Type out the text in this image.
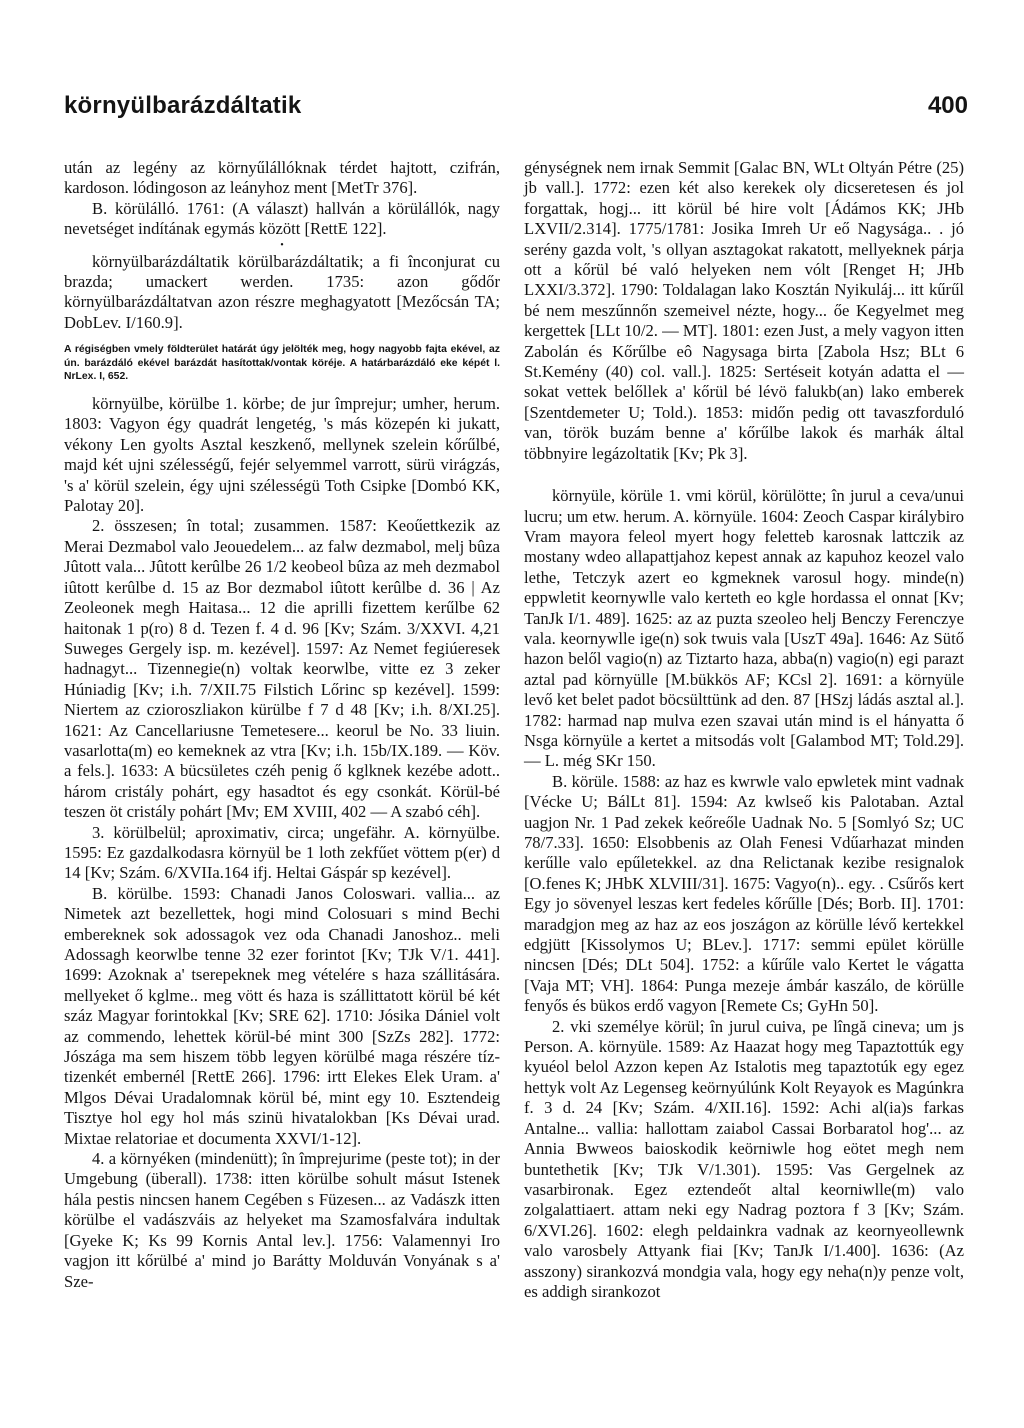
környülbarázdáltatik	400

után az legény az környűlállóknak térdet hajtott, czifrán, kardoson. lódingoson az leányhoz ment [MetTr 376].

B. körülálló. 1761: (A választ) hallván a körülállók, nagy nevetséget indítának egymás között [RettE 122].

•

környülbarázdáltatik körülbarázdáltatik; a fi înconjurat cu brazda; umackert werden. 1735: azon gődőr környülbarázdáltatvan azon részre meghagyatott [Mezőcsán TA; DobLev. I/160.9].

A régiségben vmely földterület határát úgy jelölték meg, hogy nagyobb fajta ekével, az ún. barázdáló ekével barázdát hasítottak/vontak köréje. A határbarázdáló eke képét l. NrLex. I, 652.

környülbe, körülbe 1. körbe; de jur împrejur; umher, herum. 1803: Vagyon égy quadrát lengetég, 's más közepén ki jukatt, vékony Len gyolts Asztal keszkenő, mellynek szelein kőrűlbé, majd két ujni szélességű, fejér selyemmel varrott, sürü virágzás, 's a' körül szelein, égy ujni szélességü Toth Csipke [Dombó KK, Palotay 20].

2. összesen; în total; zusammen. 1587: Keoűettkezik az Merai Dezmabol valo Jeouedelem... az falw dezmabol, melj bûza Jûtott vala... Jûtott kerûlbe 26 1/2 keobeol bûza az meh dezmabol iûtott kerûlbe d. 15 az Bor dezmabol iûtott kerûlbe d. 36 | Az Zeoleonek megh Haitasa... 12 die aprilli fizettem kerűlbe 62 haitonak 1 p(ro) 8 d. Tezen f. 4 d. 96 [Kv; Szám. 3/XXVI. 4,21 Suweges Gergely isp. m. kezével]. 1597: Az Nemet fegiúeresek hadnagyt... Tizennegie(n) voltak keorwlbe, vitte ez 3 zeker Húniadig [Kv; i.h. 7/XII.75 Filstich Lőrinc sp kezével]. 1599: Niertem az czioroszliakon kürülbe f 7 d 48 [Kv; i.h. 8/XI.25]. 1621: Az Cancellariusne Temetesere... keorul be No. 33 liuin. vasarlotta(m) eo kemeknek az vtra [Kv; i.h. 15b/IX.189. — Köv. a fels.]. 1633: A bücsületes czéh penig ő kglknek kezébe adott.. három cristály pohárt, egy hasadtot és egy csonkát. Körül-bé teszen öt cristály pohárt [Mv; EM XVIII, 402 — A szabó céh].

3. körülbelül; aproximativ, circa; ungefähr. A. környülbe. 1595: Ez gazdalkodasra környül be 1 loth zekfűet vöttem p(er) d 14 [Kv; Szám. 6/XVIIa.164 ifj. Heltai Gáspár sp kezével].

B. körülbe. 1593: Chanadi Janos Coloswari. vallia... az Nimetek azt bezellettek, hogi mind Colosuari s mind Bechi embereknek sok adossagok vez oda Chanadi Janoshoz.. meli Adossagh keorwlbe tenne 32 ezer forintot [Kv; TJk V/1. 441]. 1699: Azoknak a' tserepeknek meg vételére s haza szállitására. mellyeket ő kglme.. meg vött és haza is szállittatott körül bé két száz Magyar forintokkal [Kv; SRE 62]. 1710: Jósika Dániel volt az commendo, lehettek körül-bé mint 300 [SzZs 282]. 1772: Jószága ma sem hiszem több legyen körülbé maga részére tíz-tizenkét embernél [RettE 266]. 1796: irtt Elekes Elek Uram. a' Mlgos Dévai Uradalomnak körül bé, mint egy 10. Esztendeig Tisztye hol egy hol más szinü hivatalokban [Ks Dévai urad. Mixtae relatoriae et documenta XXVI/1-12].

4. a környéken (mindenütt); în împrejurime (peste tot); in der Umgebung (überall). 1738: itten körülbe sohult másut Istenek hála pestis nincsen hanem Cegében s Füzesen... az Vadászk itten körülbe el vadászváis az helyeket ma Szamosfalvára indultak [Gyeke K; Ks 99 Kornis Antal lev.]. 1756: Valamennyi Iro vagjon itt kőrülbé a' mind jo Barátty Molduván Vonyának s a' Sze-

génységnek nem irnak Semmit [Galac BN, WLt Oltyán Pétre (25) jb vall.]. 1772: ezen két also kerekek oly dicseretesen és jol forgattak, hogj... itt körül bé hire volt [Ádámos KK; JHb LXVII/2.314]. 1775/1781: Josika Imreh Ur eő Nagysága.. . jó serény gazda volt, 's ollyan asztagokat rakatott, mellyeknek párja ott a kőrül bé való helyeken nem vólt [Renget H; JHb LXXI/3.372]. 1790: Toldalagan lako Kosztán Nyikuláj... itt kűrűl bé nem meszűnnőn szemeivel nézte, hogy... őe Kegyelmet meg kergettek [LLt 10/2. — MT]. 1801: ezen Just, a mely vagyon itten Zabolán és Kőrűlbe eô Nagysaga birta [Zabola Hsz; BLt 6 St.Kemény (40) col. vall.]. 1825: Sertéseit kotyán adatta el — sokat vettek belőllek a' kőrül bé lévö falukb(an) lako emberek [Szentdemeter U; Told.). 1853: midőn pedig ott tavaszforduló van, török buzám benne a' kőrűlbe lakok és marhák által többnyire legázoltatik [Kv; Pk 3].

környüle, körüle 1. vmi körül, körülötte; în jurul a ceva/unui lucru; um etw. herum. A. környüle. 1604: Zeoch Caspar királybiro Vram mayora feleol myert hogy feletteb karosnak lattczik az mostany wdeo allapattjahoz kepest annak az kapuhoz keozel valo lethe, Tetczyk azert eo kgmeknek varosul hogy. minde(n) eppwletit keornywlle valo kerteth eo kgle hordassa el onnat [Kv; TanJk I/1. 489]. 1625: az az puzta szeoleo helj Benczy Ferenczye vala. keornywlle ige(n) sok twuis vala [UszT 49a]. 1646: Az Sütő hazon belől vagio(n) az Tiztarto haza, abba(n) vagio(n) egi parazt aztal pad környülle [M.bükkös AF; KCsl 2]. 1691: a környüle levő ket belet padot böcsülttünk ad den. 87 [HSzj ládás asztal al.]. 1782: harmad nap mulva ezen szavai után mind is el hányatta ő Nsga környüle a kertet a mitsodás volt [Galambod MT; Told.29]. — L. még SKr 150.

B. körüle. 1588: az haz es kwrwle valo epwletek mint vadnak [Vécke U; BálLt 81]. 1594: Az kwlseő kis Palotaban. Aztal uagjon Nr. 1 Pad zekek keőreőle Uadnak No. 5 [Somlyó Sz; UC 78/7.33]. 1650: Elsobbenis az Olah Fenesi Vdűarhazat minden kerűlle valo epűletekkel. az dna Relictanak kezibe resignalok [O.fenes K; JHbK XLVIII/31]. 1675: Vagyo(n).. egy. . Csűrős kert Egy jo sövenyel leszas kert fedeles kőrűlle [Dés; Borb. II]. 1701: maradgjon meg az haz az eos joszágon az körülle lévő kertekkel edgjütt [Kissolymos U; BLev.]. 1717: semmi epület körülle nincsen [Dés; DLt 504]. 1752: a kűrűle valo Kertet le vágatta [Vaja MT; VH]. 1864: Punga mezeje ámbár kaszálo, de körülle fenyős és bükos erdő vagyon [Remete Cs; GyHn 50].

2. vki személye körül; în jurul cuiva, pe lîngă cineva; um js Person. A. környüle. 1589: Az Haazat hogy meg Tapaztottúk egy kyuéol belol Azzon kepen Az Istalotis meg tapaztotúk egy egez hettyk volt Az Legenseg keörnyúlúnk Kolt Reyayok es Magúnkra f. 3 d. 24 [Kv; Szám. 4/XII.16]. 1592: Achi al(ia)s farkas Antalne... vallia: hallottam zaiabol Cassai Borbaratol hog'... az Annia Bwweos baioskodik keörniwle hog eötet megh nem buntethetik [Kv; TJk V/1.301). 1595: Vas Gergelnek az vasarbironak. Egez eztendeőt altal keorniwlle(m) valo zolgalattiaert. attam neki egy Nadrag poztora f 3 [Kv; Szám. 6/XVI.26]. 1602: elegh peldainkra vadnak az keornyeollewnk valo varosbely Attyank fiai [Kv; TanJk I/1.400]. 1636: (Az asszony) sirankozvá mondgia vala, hogy egy neha(n)y penze volt, es addigh sirankozot
